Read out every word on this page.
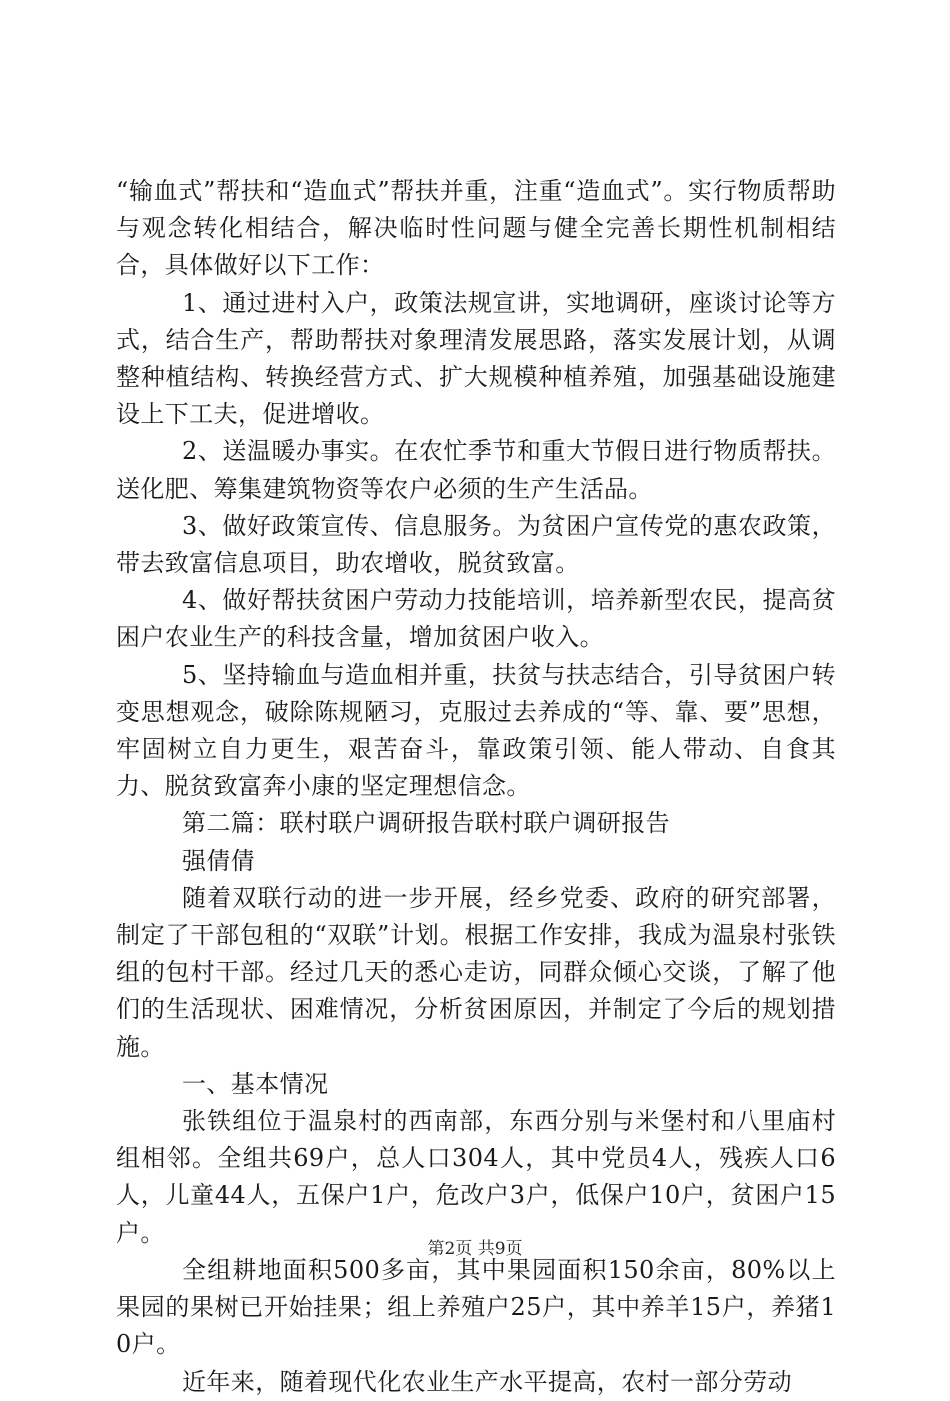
“输血式”帮扶和“造血式”帮扶并重，注重“造血式”。实行物质帮助与观念转化相结合，解决临时性问题与健全完善长期性机制相结合，具体做好以下工作：

1、通过进村入户，政策法规宣讲，实地调研，座谈讨论等方式，结合生产，帮助帮扶对象理清发展思路，落实发展计划，从调整种植结构、转换经营方式、扩大规模种植养殖，加强基础设施建设上下工夫，促进增收。

2、送温暖办事实。在农忙季节和重大节假日进行物质帮扶。送化肥、筹集建筑物资等农户必须的生产生活品。

3、做好政策宣传、信息服务。为贫困户宣传党的惠农政策，带去致富信息项目，助农增收，脱贫致富。

4、做好帮扶贫困户劳动力技能培训，培养新型农民，提高贫困户农业生产的科技含量，增加贫困户收入。

5、坚持输血与造血相并重，扶贫与扶志结合，引导贫困户转变思想观念，破除陈规陋习，克服过去养成的“等、靠、要”思想，牢固树立自力更生，艰苦奋斗，靠政策引领、能人带动、自食其力、脱贫致富奔小康的坚定理想信念。

第二篇：联村联户调研报告联村联户调研报告

强倩倩

随着双联行动的进一步开展，经乡党委、政府的研究部署，制定了干部包租的“双联”计划。根据工作安排，我成为温泉村张铁组的包村干部。经过几天的悉心走访，同群众倾心交谈，了解了他们的生活现状、困难情况，分析贫困原因，并制定了今后的规划措施。

一、基本情况

张铁组位于温泉村的西南部，东西分别与米堡村和八里庙村组相邻。全组共69户，总人口304人，其中党员4人，残疾人口6人，儿童44人，五保户1户，危改户3户，低保户10户，贫困户15户。

全组耕地面积500多亩，其中果园面积150余亩，80%以上果园的果树已开始挂果；组上养殖户25户，其中养羊15户，养猪10户。

近年来，随着现代化农业生产水平提高，农村一部分劳动

第2页 共9页
